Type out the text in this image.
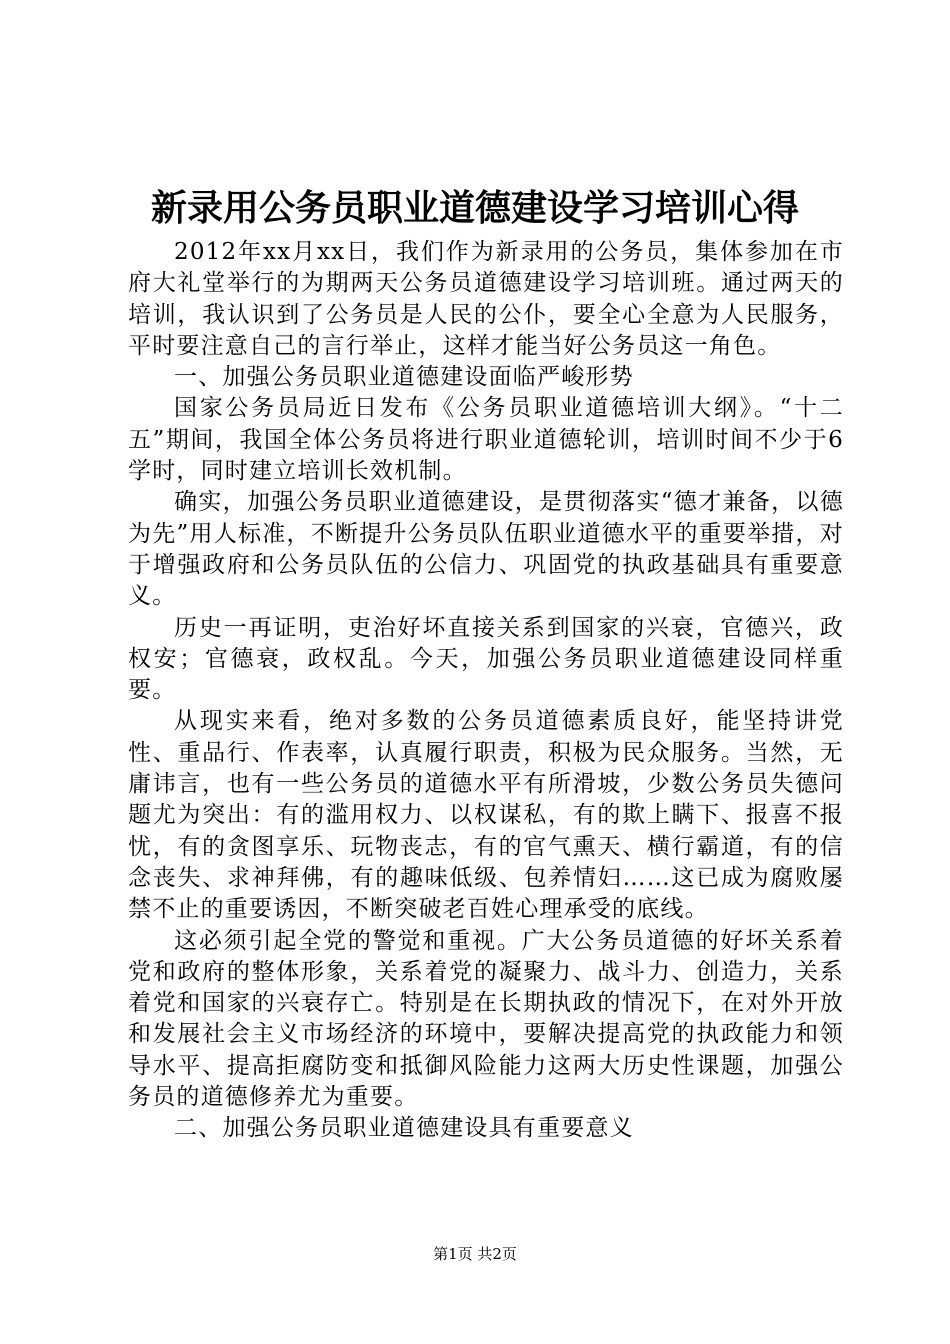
新录用公务员职业道德建设学习培训心得

2012年xx月xx日，我们作为新录用的公务员，集体参加在市府大礼堂举行的为期两天公务员道德建设学习培训班。通过两天的培训，我认识到了公务员是人民的公仆，要全心全意为人民服务，平时要注意自己的言行举止，这样才能当好公务员这一角色。

一、加强公务员职业道德建设面临严峻形势

国家公务员局近日发布《公务员职业道德培训大纲》。“十二五”期间，我国全体公务员将进行职业道德轮训，培训时间不少于6学时，同时建立培训长效机制。

确实，加强公务员职业道德建设，是贯彻落实“德才兼备，以德为先”用人标准，不断提升公务员队伍职业道德水平的重要举措，对于增强政府和公务员队伍的公信力、巩固党的执政基础具有重要意义。

历史一再证明，吏治好坏直接关系到国家的兴衰，官德兴，政权安；官德衰，政权乱。今天，加强公务员职业道德建设同样重要。

从现实来看，绝对多数的公务员道德素质良好，能坚持讲党性、重品行、作表率，认真履行职责，积极为民众服务。当然，无庸讳言，也有一些公务员的道德水平有所滑坡，少数公务员失德问题尤为突出：有的滥用权力、以权谋私，有的欺上瞒下、报喜不报忧，有的贪图享乐、玩物丧志，有的官气熏天、横行霸道，有的信念丧失、求神拜佛，有的趣味低级、包养情妇……这已成为腐败屡禁不止的重要诱因，不断突破老百姓心理承受的底线。

这必须引起全党的警觉和重视。广大公务员道德的好坏关系着党和政府的整体形象，关系着党的凝聚力、战斗力、创造力，关系着党和国家的兴衰存亡。特别是在长期执政的情况下，在对外开放和发展社会主义市场经济的环境中，要解决提高党的执政能力和领导水平、提高拒腐防变和抵御风险能力这两大历史性课题，加强公务员的道德修养尤为重要。

二、加强公务员职业道德建设具有重要意义

第1页 共2页
